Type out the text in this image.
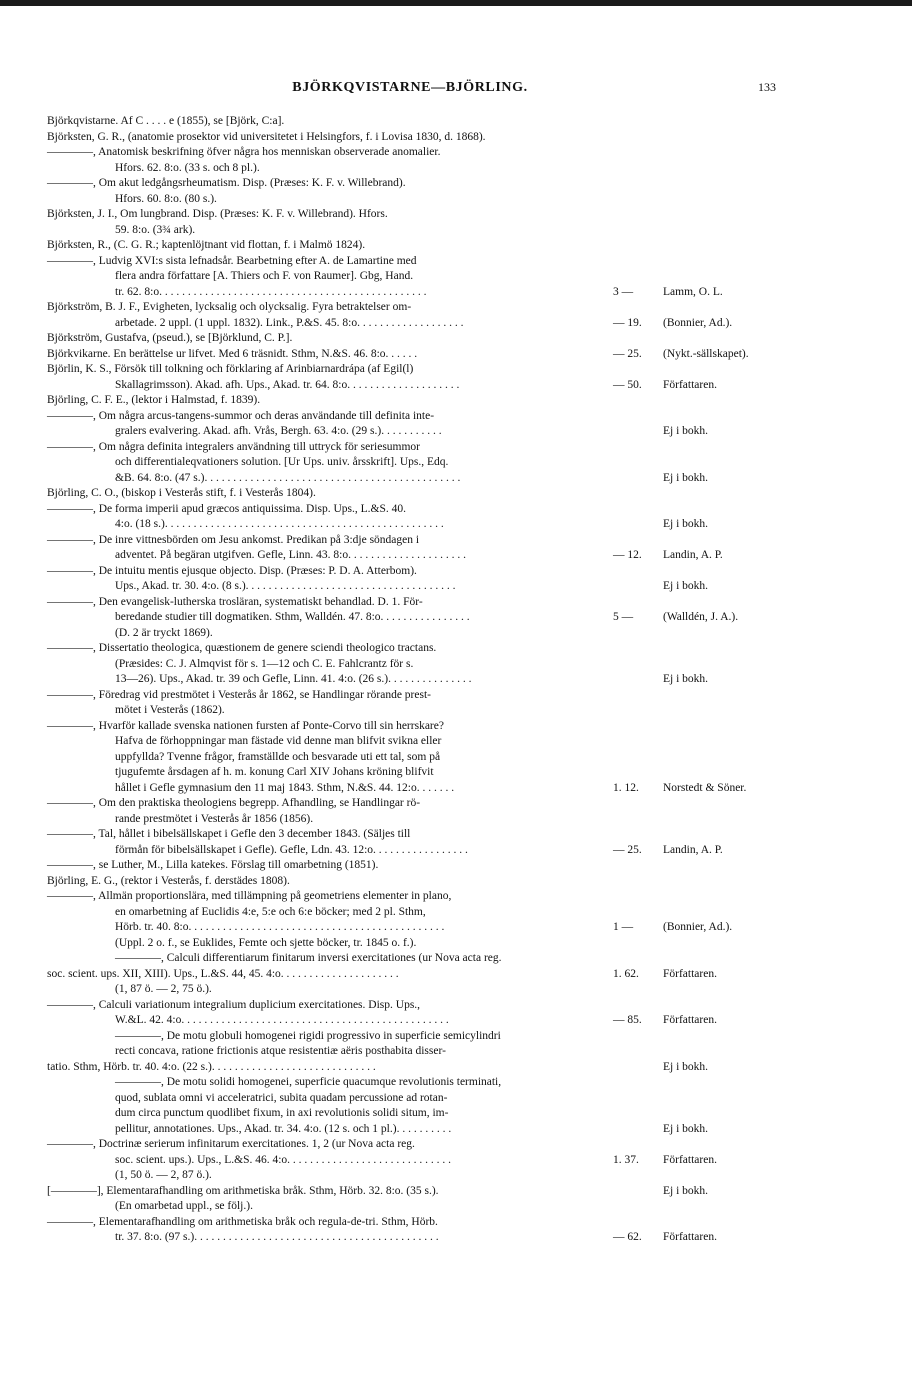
BJÖRKQVISTARNE—BJÖRLING.	133
Björkqvistarne. Af C . . . . e (1855), se [Björk, C:a].
Björksten, G. R., (anatomie prosektor vid universitetet i Helsingfors, f. i Lovisa 1830, d. 1868).
————, Anatomisk beskrifning öfver några hos menniskan observerade anomalier.
Hfors. 62. 8:o. (33 s. och 8 pl.).
————, Om akut ledgångsrheumatism. Disp. (Præses: K. F. v. Willebrand).
Hfors. 60. 8:o. (80 s.).
Björksten, J. I., Om lungbrand. Disp. (Præses: K. F. v. Willebrand). Hfors.
59. 8:o. (3¾ ark).
Björksten, R., (C. G. R.; kaptenlöjtnant vid flottan, f. i Malmö 1824).
————, Ludvig XVI:s sista lefnadsår. Bearbetning efter A. de Lamartine med
flera andra författare [A. Thiers och F. von Raumer]. Gbg, Hand.
tr. 62. 8:o. . . . . . . . . . . . . . . . . . . . . . . . . . . . . . . . . . . . . . . . . . . . . . .	3 —	Lamm, O. L.
Björkström, B. J. F., Evigheten, lycksalig och olycksalig. Fyra betraktelser om-
arbetade. 2 uppl. (1 uppl. 1832). Link., P.&S. 45. 8:o. . . . . . . . . . . . . . . . . . .	— 19. (Bonnier, Ad.).
Björkström, Gustafva, (pseud.), se [Björklund, C. P.].
Björkvikarne. En berättelse ur lifvet. Med 6 träsnidt. Sthm, N.&S. 46. 8:o. . . . . .	— 25. (Nykt.-sällskapet).
Björlin, K. S., Försök till tolkning och förklaring af Arinbiarnardrápa (af Egil(l)
Skallagrimsson). Akad. afh. Ups., Akad. tr. 64. 8:o. . . . . . . . . . . . . . . . . . . .	— 50. Författaren.
Björling, C. F. E., (lektor i Halmstad, f. 1839).
————, Om några arcus-tangens-summor och deras användande till definita inte-
gralers evalvering. Akad. afh. Vrås, Bergh. 63. 4:o. (29 s.). . . . . . . . . . .	Ej i bokh.
————, Om några definita integralers användning till uttryck för seriesummor
och differentialeqvationers solution. [Ur Ups. univ. årsskrift]. Ups., Edq.
&B. 64. 8:o. (47 s.). . . . . . . . . . . . . . . . . . . . . . . . . . . . . . . . . . . . . . . . . . . . .	Ej i bokh.
Björling, C. O., (biskop i Vesterås stift, f. i Vesterås 1804).
————, De forma imperii apud græcos antiquissima. Disp. Ups., L.&S. 40.
4:o. (18 s.). . . . . . . . . . . . . . . . . . . . . . . . . . . . . . . . . . . . . . . . . . . . . . . . .	Ej i bokh.
————, De inre vittnesbörden om Jesu ankomst. Predikan på 3:dje söndagen i
adventet. På begäran utgifven. Gefle, Linn. 43. 8:o. . . . . . . . . . . . . . . . . . . . .	— 12. Landin, A. P.
————, De intuitu mentis ejusque objecto. Disp. (Præses: P. D. A. Atterbom).
Ups., Akad. tr. 30. 4:o. (8 s.). . . . . . . . . . . . . . . . . . . . . . . . . . . . . . . . . . . . .	Ej i bokh.
————, Den evangelisk-lutherska trosläran, systematiskt behandlad. D. 1. För-
beredande studier till dogmatiken. Sthm, Walldén. 47. 8:o. . . . . . . . . . . . . . . .	5 —	(Walldén, J. A.).
(D. 2 är tryckt 1869).
————, Dissertatio theologica, quæstionem de genere sciendi theologico tractans.
(Præsides: C. J. Almqvist för s. 1—12 och C. E. Fahlcrantz för s.
13—26). Ups., Akad. tr. 39 och Gefle, Linn. 41. 4:o. (26 s.). . . . . . . . . . . . . . .	Ej i bokh.
————, Föredrag vid prestmötet i Vesterås år 1862, se Handlingar rörande prest-
mötet i Vesterås (1862).
————, Hvarför kallade svenska nationen fursten af Ponte-Corvo till sin herrskare?
Hafva de förhoppningar man fästade vid denne man blifvit svikna eller
uppfyllda? Tvenne frågor, framställde och besvarade uti ett tal, som på
tjugufemte årsdagen af h. m. konung Carl XIV Johans kröning blifvit
hållet i Gefle gymnasium den 11 maj 1843. Sthm, N.&S. 44. 12:o. . . . . . .	1. 12. Norstedt & Söner.
————, Om den praktiska theologiens begrepp. Afhandling, se Handlingar rö-
rande prestmötet i Vesterås år 1856 (1856).
————, Tal, hållet i bibelsällskapet i Gefle den 3 december 1843. (Säljes till
förmån för bibelsällskapet i Gefle). Gefle, Ldn. 43. 12:o. . . . . . . . . . . . . . . . .	— 25. Landin, A. P.
————, se Luther, M., Lilla katekes. Förslag till omarbetning (1851).
Björling, E. G., (rektor i Vesterås, f. derstädes 1808).
————, Allmän proportionslära, med tillämpning på geometriens elementer in plano,
en omarbetning af Euclidis 4:e, 5:e och 6:e böcker; med 2 pl. Sthm,
Hörb. tr. 40. 8:o. . . . . . . . . . . . . . . . . . . . . . . . . . . . . . . . . . . . . . . . . . . . .	1 —	(Bonnier, Ad.).
(Uppl. 2 o. f., se Euklides, Femte och sjette böcker, tr. 1845 o. f.).
————, Calculi differentiarum finitarum inversi exercitationes (ur Nova acta reg.
soc. scient. ups. XII, XIII). Ups., L.&S. 44, 45. 4:o. . . . . . . . . . . . . . . . . . . . .	1. 62. Författaren.
(1, 87 ö. — 2, 75 ö.).
————, Calculi variationum integralium duplicium exercitationes. Disp. Ups.,
W.&L. 42. 4:o. . . . . . . . . . . . . . . . . . . . . . . . . . . . . . . . . . . . . . . . . . . . . . .	— 85. Författaren.
————, De motu globuli homogenei rigidi progressivo in superficie semicylindri
recti concava, ratione frictionis atque resistentiæ aëris posthabita disser-
tatio. Sthm, Hörb. tr. 40. 4:o. (22 s.). . . . . . . . . . . . . . . . . . . . . . . . . . . . .	Ej i bokh.
————, De motu solidi homogenei, superficie quacumque revolutionis terminati,
quod, sublata omni vi acceleratrici, subita quadam percussione ad rotan-
dum circa punctum quodlibet fixum, in axi revolutionis solidi situm, im-
pellitur, annotationes. Ups., Akad. tr. 34. 4:o. (12 s. och 1 pl.). . . . . . . . . .	Ej i bokh.
————, Doctrinæ serierum infinitarum exercitationes. 1, 2 (ur Nova acta reg.
soc. scient. ups.). Ups., L.&S. 46. 4:o. . . . . . . . . . . . . . . . . . . . . . . . . . . . .	1. 37. Författaren.
(1, 50 ö. — 2, 87 ö.).
[————], Elementarafhandling om arithmetiska bråk. Sthm, Hörb. 32. 8:o. (35 s.).	Ej i bokh.
(En omarbetad uppl., se följ.).
————, Elementarafhandling om arithmetiska bråk och regula-de-tri. Sthm, Hörb.
tr. 37. 8:o. (97 s.). . . . . . . . . . . . . . . . . . . . . . . . . . . . . . . . . . . . . . . . . . .	— 62. Författaren.
